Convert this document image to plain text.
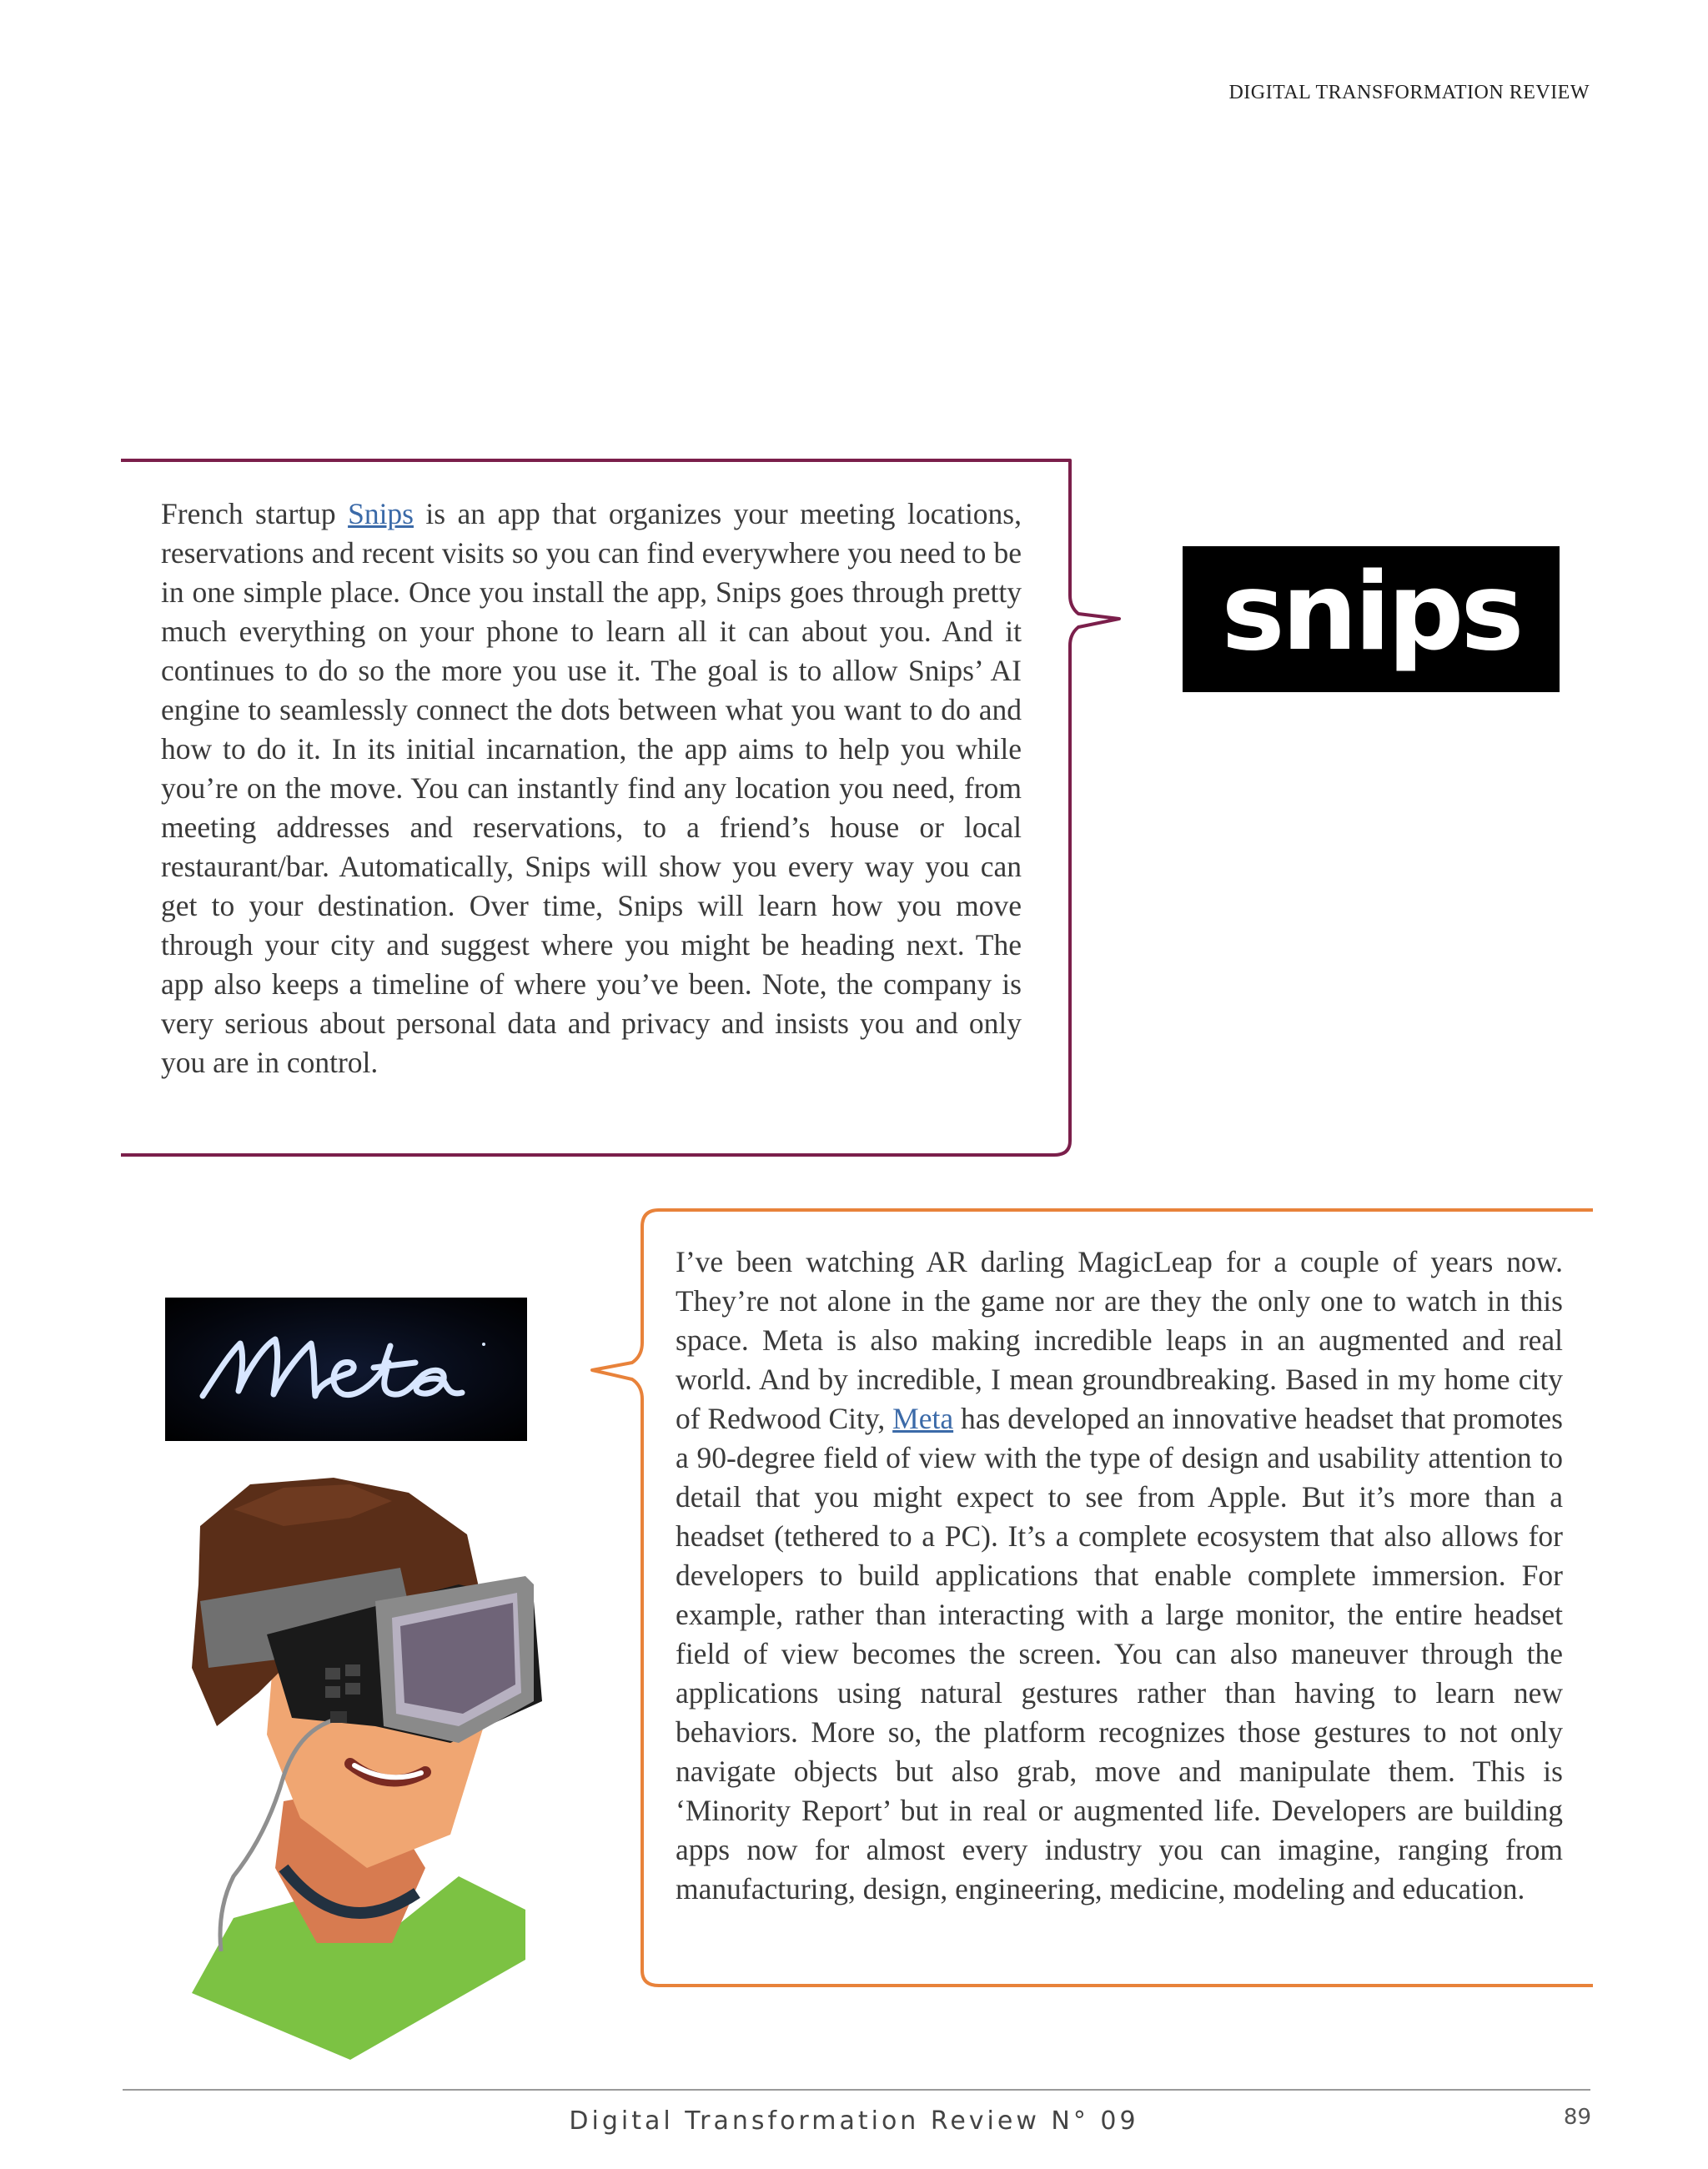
DIGITAL TRANSFORMATION REVIEW

French startup Snips is an app that organizes your meeting locations, reservations and recent visits so you can find everywhere you need to be in one simple place. Once you install the app, Snips goes through pretty much everything on your phone to learn all it can about you. And it continues to do so the more you use it. The goal is to allow Snips’ AI engine to seamlessly connect the dots between what you want to do and how to do it. In its initial incarnation, the app aims to help you while you’re on the move. You can instantly find any location you need, from meeting addresses and reservations, to a friend’s house or local restaurant/bar. Automatically, Snips will show you every way you can get to your destination. Over time, Snips will learn how you move through your city and suggest where you might be heading next. The app also keeps a timeline of where you’ve been. Note, the company is very serious about personal data and privacy and insists you and only you are in control.

snips

I’ve been watching AR darling MagicLeap for a couple of years now. They’re not alone in the game nor are they the only one to watch in this space. Meta is also making incredible leaps in an augmented and real world. And by incredible, I mean groundbreaking. Based in my home city of Redwood City, Meta has developed an innovative headset that promotes a 90-degree field of view with the type of design and usability attention to detail that you might expect to see from Apple. But it’s more than a headset (tethered to a PC). It’s a complete ecosystem that also allows for developers to build applications that enable complete immersion. For example, rather than interacting with a large monitor, the entire headset field of view becomes the screen. You can also maneuver through the applications using natural gestures rather than having to learn new behaviors. More so, the platform recognizes those gestures to not only navigate objects but also grab, move and manipulate them. This is ‘Minority Report’ but in real or augmented life. Developers are building apps now for almost every industry you can imagine, ranging from manufacturing, design, engineering, medicine, modeling and education.

Digital Transformation Review N° 09	89
